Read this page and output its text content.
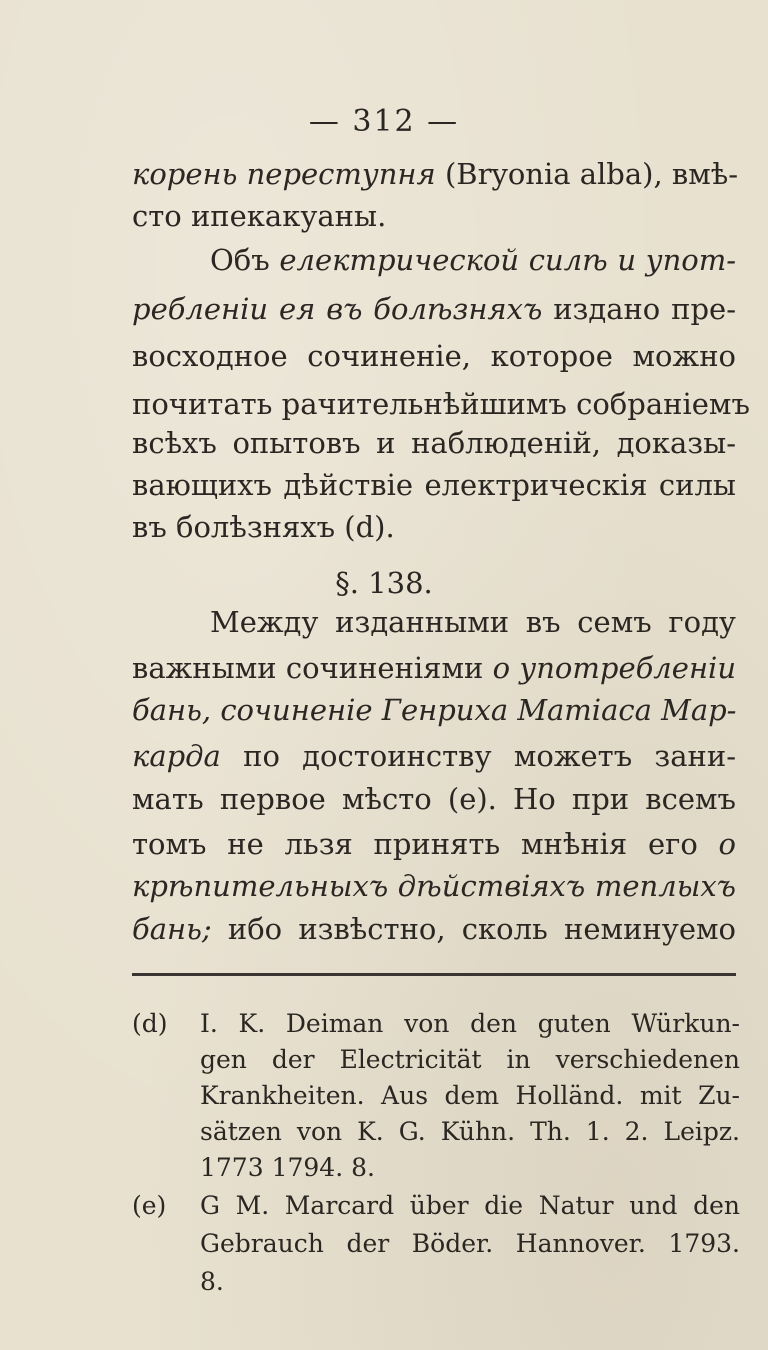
— 312 —
корень переступня (Bryonia alba), вмѣ-
сто ипекакуаны.
Объ електрической силѣ и упот-
ребленіи ея въ болѣзняхъ издано пре-
восходное сочиненіе, которое можно
почитать рачительнѣйшимъ собраніемъ
всѣхъ опытовъ и наблюденій, доказы-
вающихъ дѣйствіе електрическія силы
въ болѣзняхъ (d).
§. 138.
Между изданными въ семъ году
важными сочиненіями о употребленіи
бань, сочиненіе Генриха Матіаса Мар-
карда по достоинству можетъ зани-
мать первое мѣсто (e). Но при всемъ
томъ не льзя принять мнѣнія его о
крѣпительныхъ дѣйствіяхъ теплыхъ
бань; ибо извѣстно, сколь неминуемо
(d) I. K. Deiman von den guten Würkun-
gen der Electricität in verschiedenen
Krankheiten. Aus dem Holländ. mit Zu-
sätzen von K. G. Kühn. Th. 1. 2. Leipz.
1773 1794. 8.
(e) G M. Marcard über die Natur und den
Gebrauch der Böder. Hannover. 1793.
8.
